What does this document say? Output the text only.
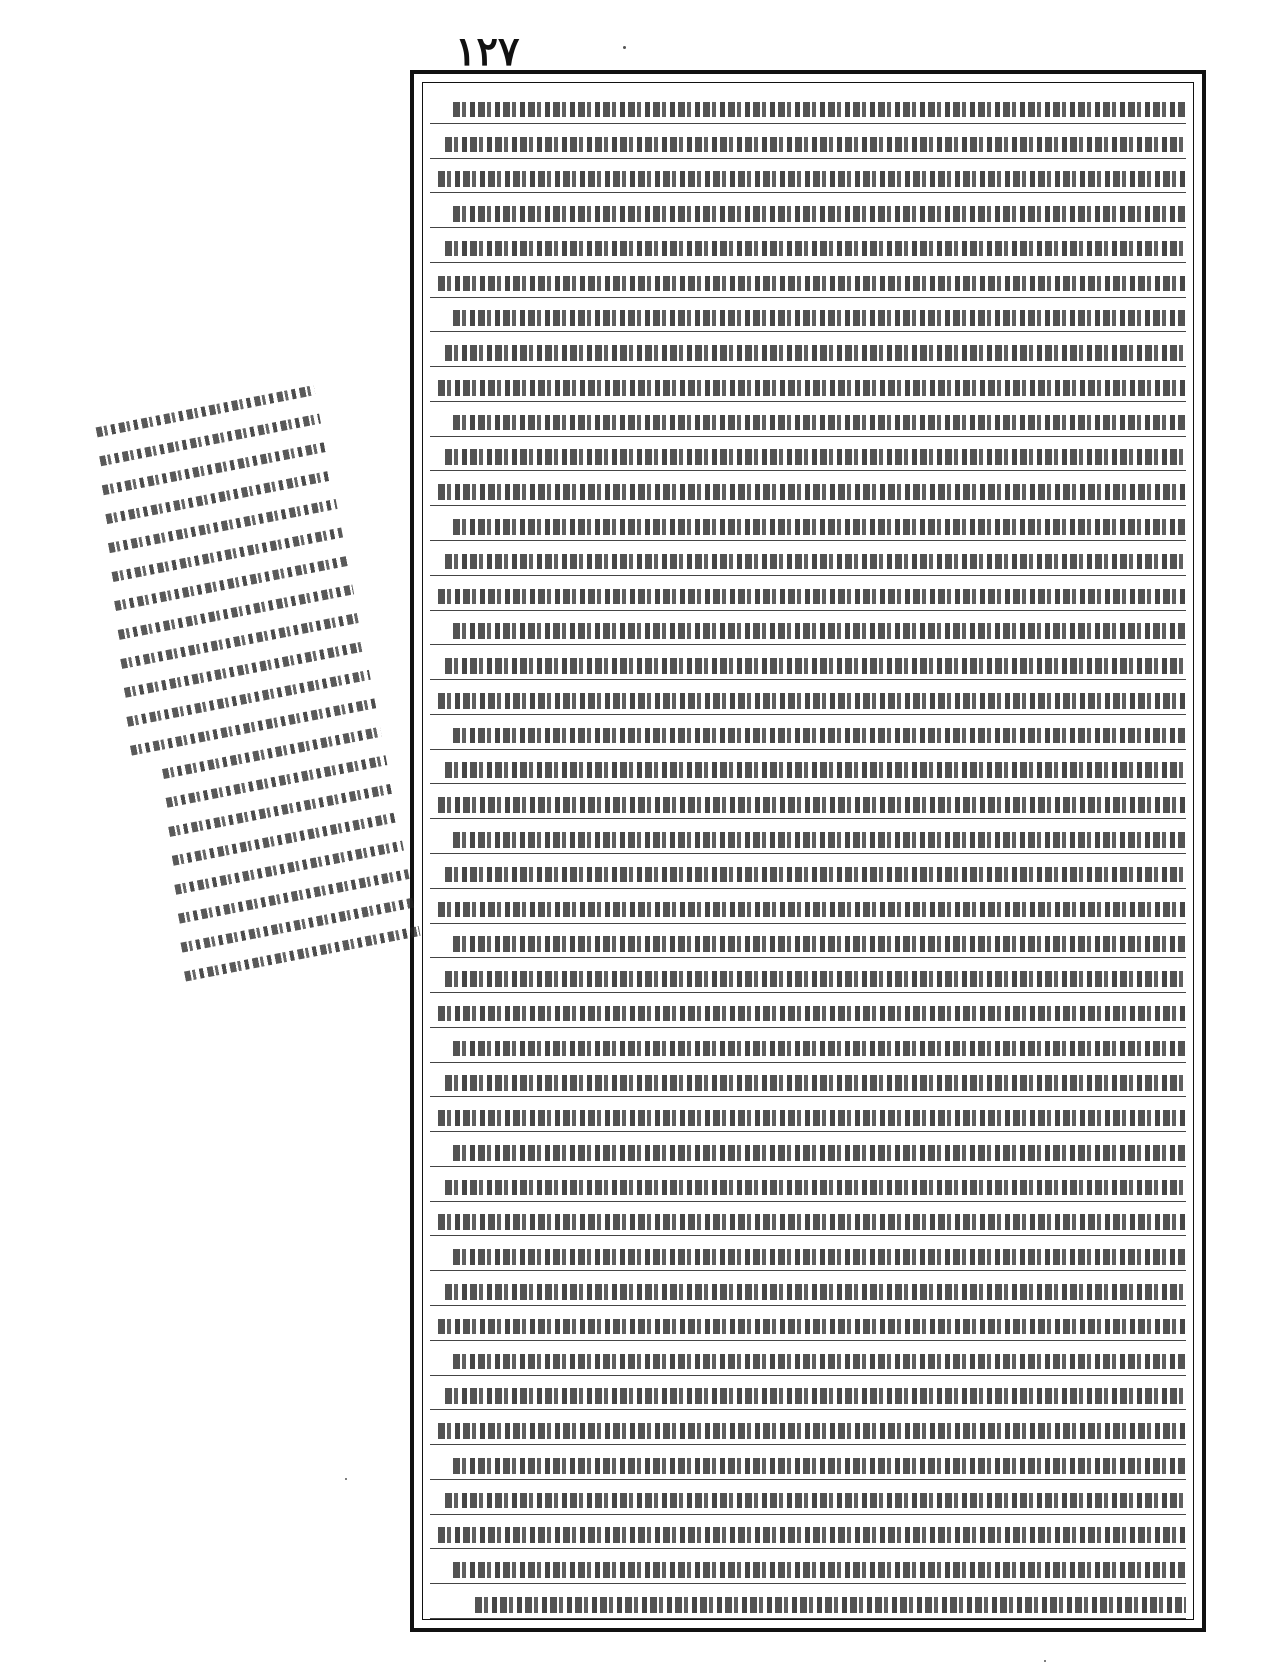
١٢٧
